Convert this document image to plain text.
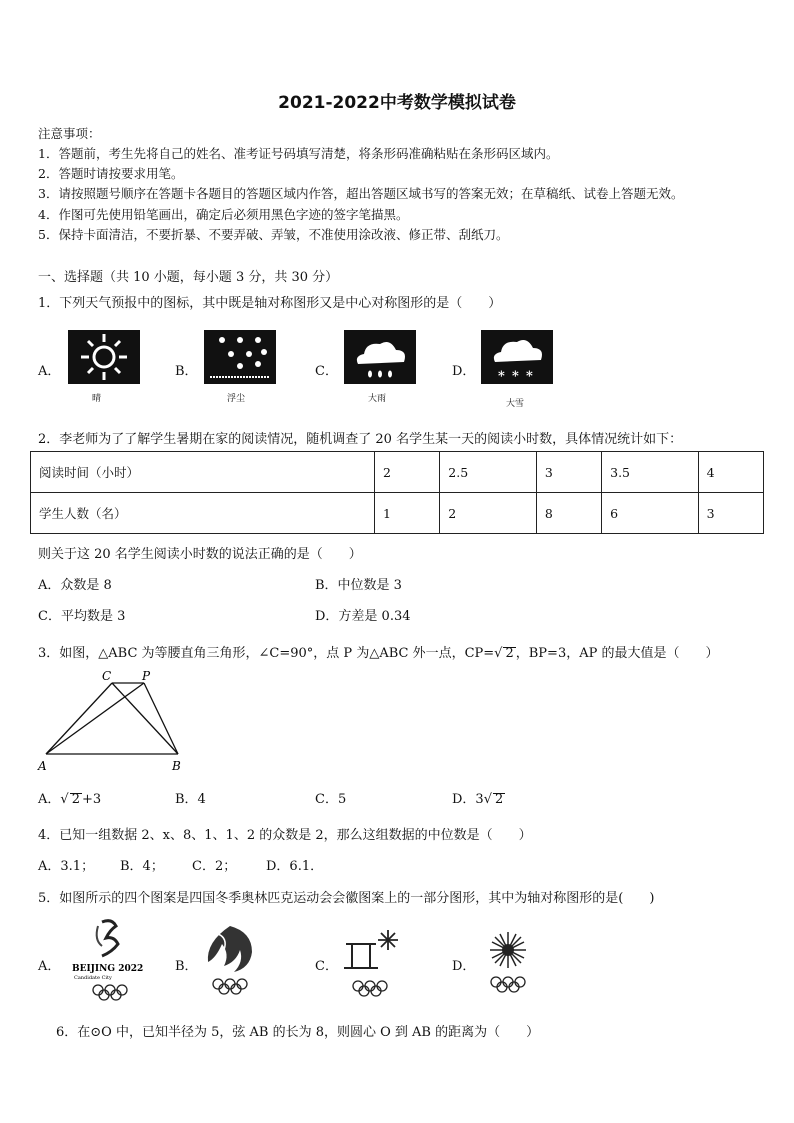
2021-2022中考数学模拟试卷
注意事项：
1．答题前，考生先将自己的姓名、准考证号码填写清楚，将条形码准确粘贴在条形码区域内。
2．答题时请按要求用笔。
3．请按照题号顺序在答题卡各题目的答题区域内作答，超出答题区域书写的答案无效；在草稿纸、试卷上答题无效。
4．作图可先使用铅笔画出，确定后必须用黑色字迹的签字笔描黑。
5．保持卡面清洁，不要折暴、不要弄破、弄皱，不准使用涂改液、修正带、刮纸刀。
一、选择题（共 10 小题，每小题 3 分，共 30 分）
1．下列天气预报中的图标，其中既是轴对称图形又是中心对称图形的是（　　）
A．
晴
B．
浮尘
C．
大雨
D． * * *
大雪
2．李老师为了了解学生暑期在家的阅读情况，随机调查了 20 名学生某一天的阅读小时数，具体情况统计如下：
阅读时间（小时）	2	2.5	3	3.5	4
学生人数（名）	1	2	8	6	3
则关于这 20 名学生阅读小时数的说法正确的是（　　）
A．众数是 8	B．中位数是 3
C．平均数是 3	D．方差是 0.34
3．如图，△ABC 为等腰直角三角形，∠C=90°，点 P 为△ABC 外一点，CP=√ 2 ，BP=3，AP 的最大值是（　　）
A	B
C	P
A．√ 2 +3	B．4	C．5	D．3√ 2
4．已知一组数据 2、x、8、1、1、2 的众数是 2，那么这组数据的中位数是（　　）
A．3.1； B．4； C．2； D．6.1．
5．如图所示的四个图案是四国冬季奥林匹克运动会会徽图案上的一部分图形，其中为轴对称图形的是(　　)
A． BEIJING 2022
Candidate City
B．	C．	D．
6．在⊙O 中，已知半径为 5，弦 AB 的长为 8，则圆心 O 到 AB 的距离为（　　）
